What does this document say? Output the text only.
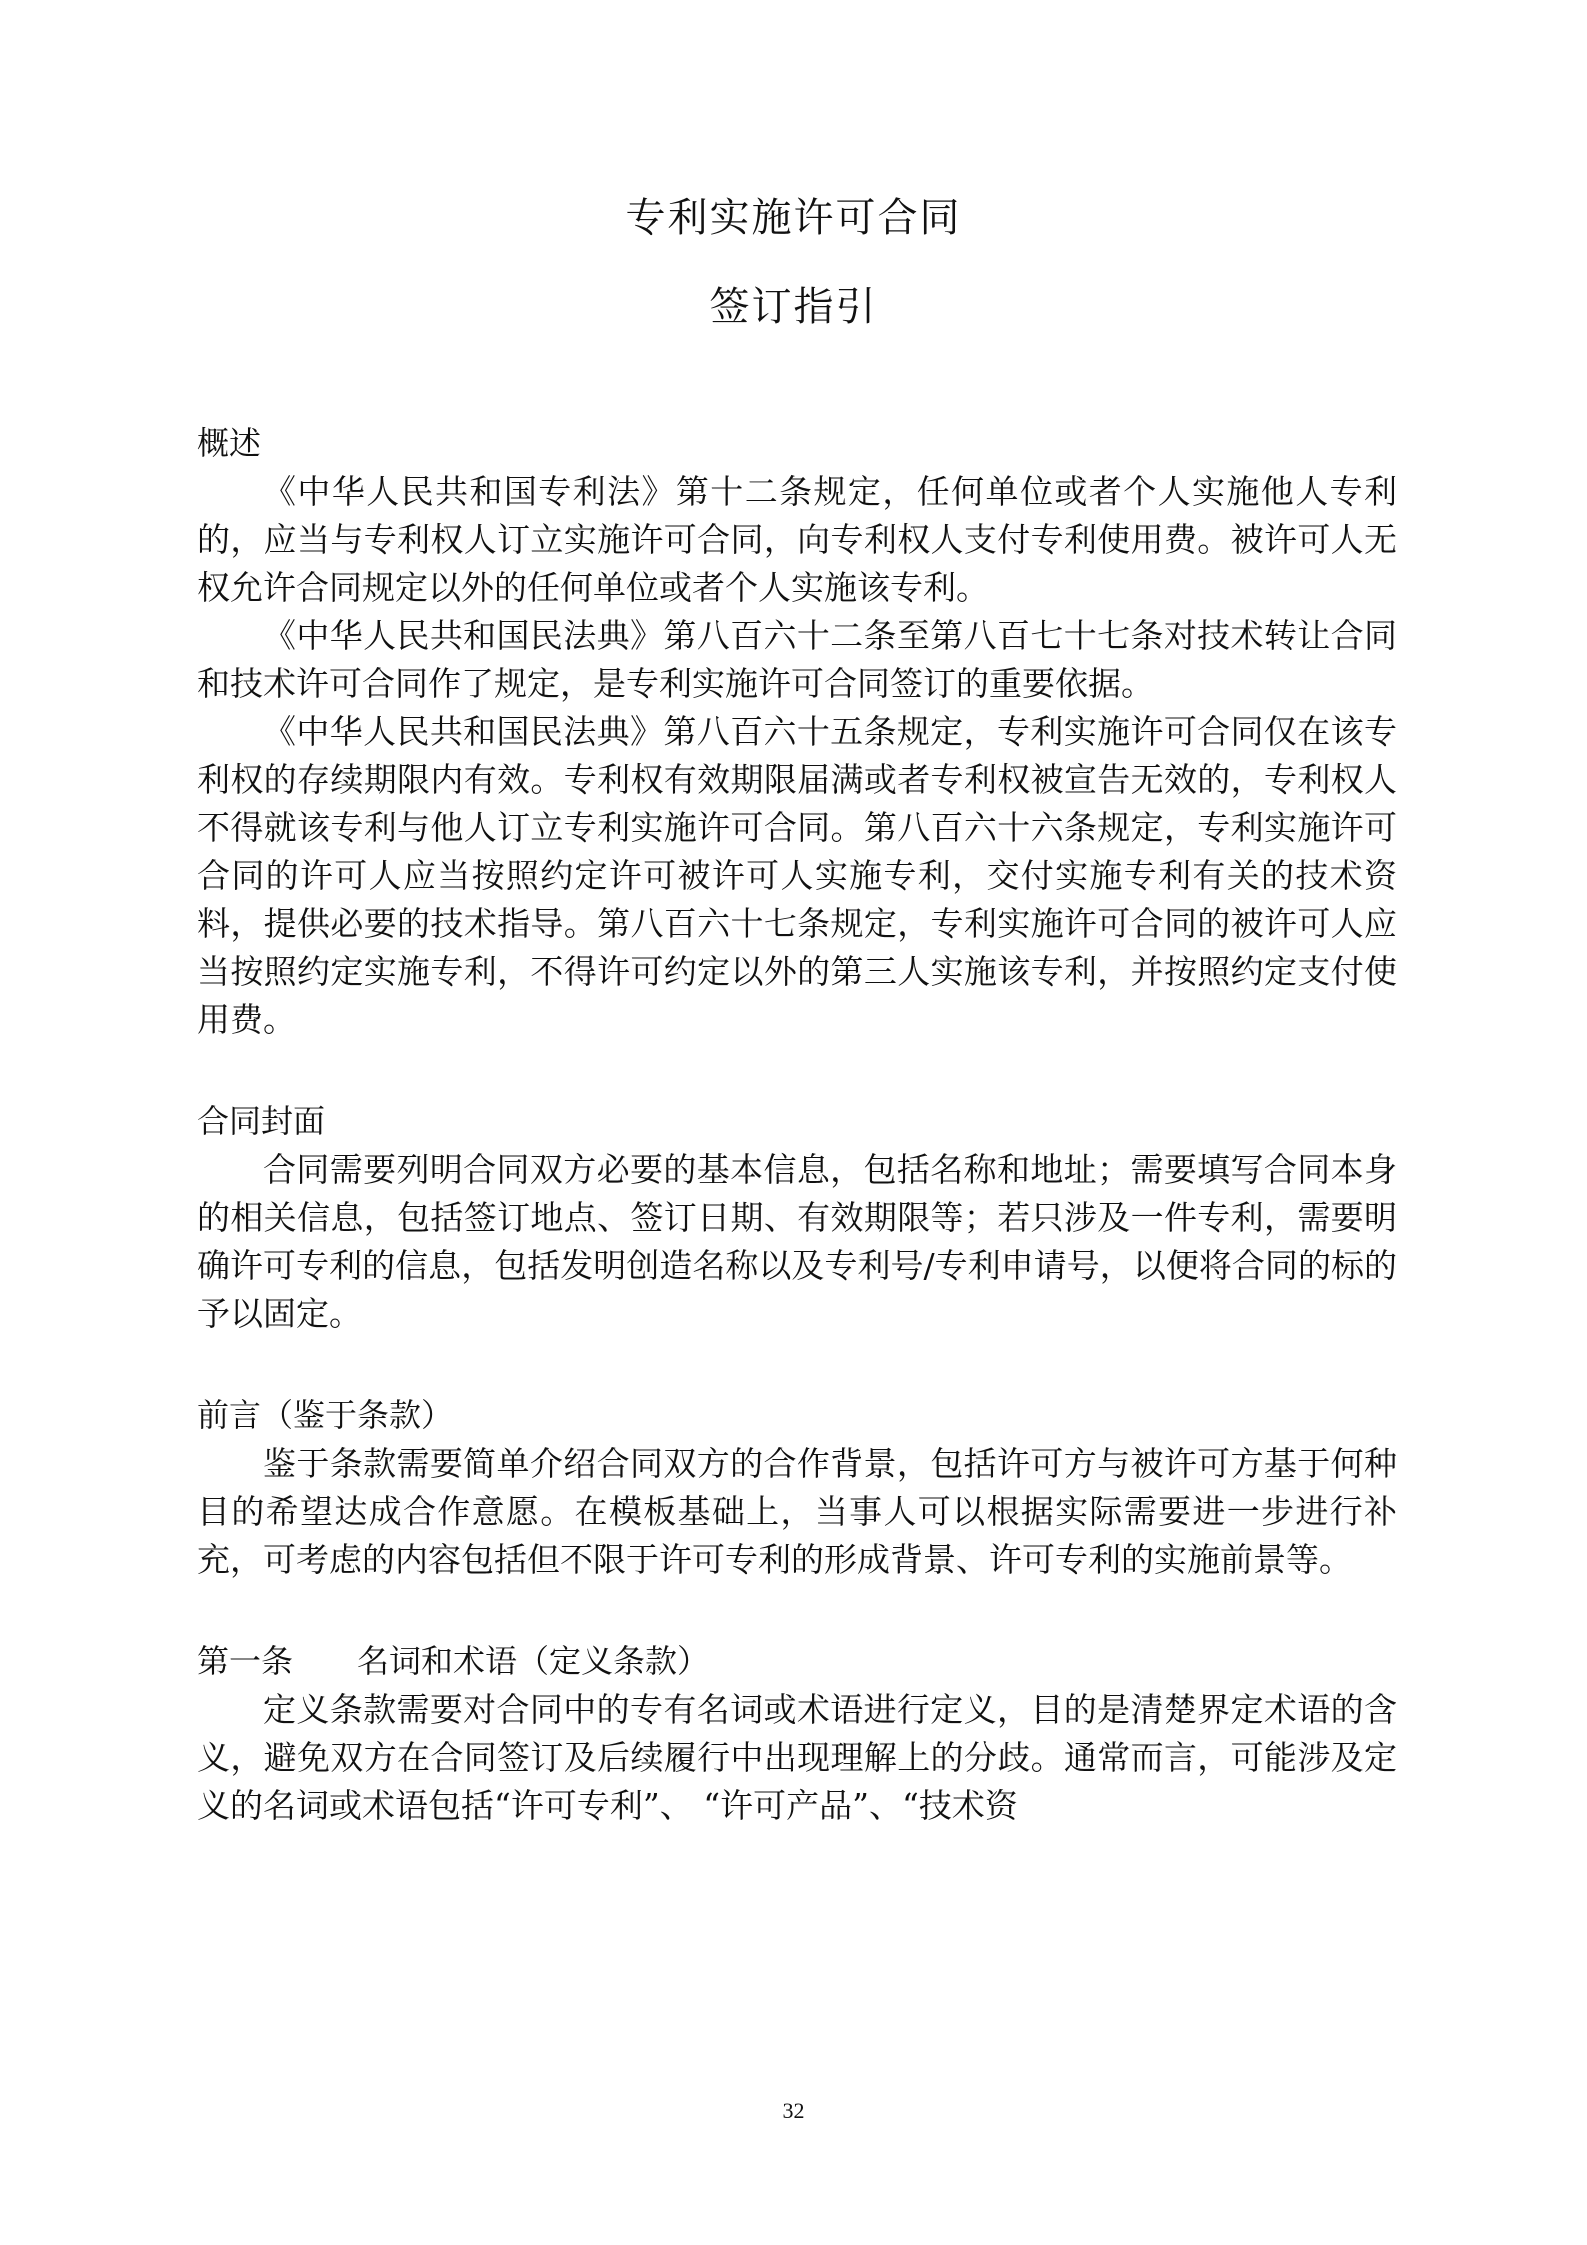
专利实施许可合同
签订指引
概述

《中华人民共和国专利法》第十二条规定，任何单位或者个人实施他人专利的，应当与专利权人订立实施许可合同，向专利权人支付专利使用费。被许可人无权允许合同规定以外的任何单位或者个人实施该专利。

《中华人民共和国民法典》第八百六十二条至第八百七十七条对技术转让合同和技术许可合同作了规定，是专利实施许可合同签订的重要依据。

《中华人民共和国民法典》第八百六十五条规定，专利实施许可合同仅在该专利权的存续期限内有效。专利权有效期限届满或者专利权被宣告无效的，专利权人不得就该专利与他人订立专利实施许可合同。第八百六十六条规定，专利实施许可合同的许可人应当按照约定许可被许可人实施专利，交付实施专利有关的技术资料，提供必要的技术指导。第八百六十七条规定，专利实施许可合同的被许可人应当按照约定实施专利，不得许可约定以外的第三人实施该专利，并按照约定支付使用费。

合同封面

合同需要列明合同双方必要的基本信息，包括名称和地址；需要填写合同本身的相关信息，包括签订地点、签订日期、有效期限等；若只涉及一件专利，需要明确许可专利的信息，包括发明创造名称以及专利号/专利申请号，以便将合同的标的予以固定。

前言（鉴于条款）

鉴于条款需要简单介绍合同双方的合作背景，包括许可方与被许可方基于何种目的希望达成合作意愿。在模板基础上，当事人可以根据实际需要进一步进行补充，可考虑的内容包括但不限于许可专利的形成背景、许可专利的实施前景等。

第一条　　名词和术语（定义条款）

定义条款需要对合同中的专有名词或术语进行定义，目的是清楚界定术语的含义，避免双方在合同签订及后续履行中出现理解上的分歧。通常而言，可能涉及定义的名词或术语包括“许可专利”、 “许可产品”、“技术资

32
